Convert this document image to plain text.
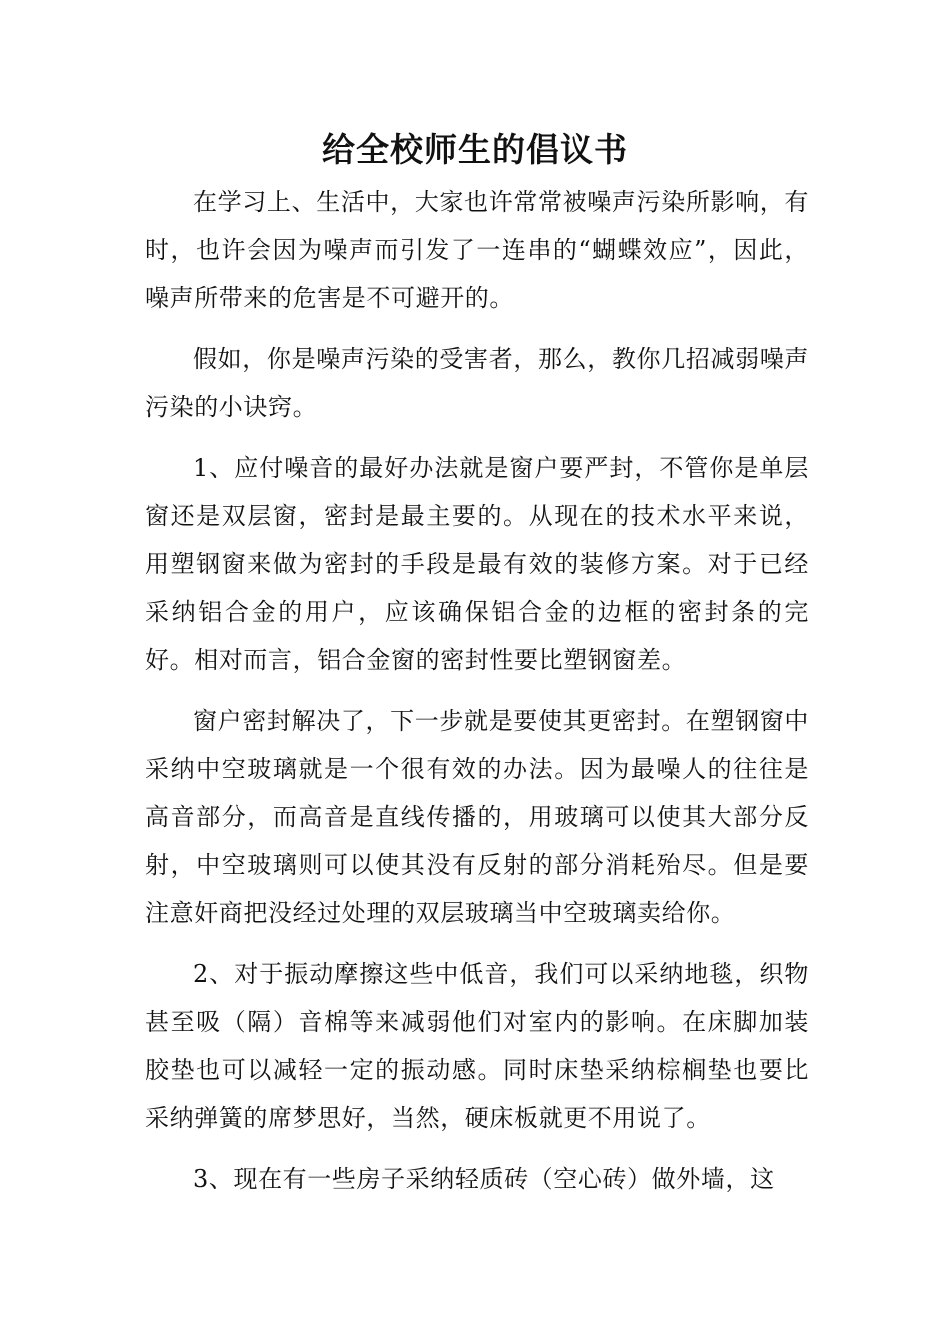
给全校师生的倡议书

在学习上、生活中，大家也许常常被噪声污染所影响，有时，也许会因为噪声而引发了一连串的“蝴蝶效应”，因此，噪声所带来的危害是不可避开的。

假如，你是噪声污染的受害者，那么，教你几招减弱噪声污染的小诀窍。

1、应付噪音的最好办法就是窗户要严封，不管你是单层窗还是双层窗，密封是最主要的。从现在的技术水平来说，用塑钢窗来做为密封的手段是最有效的装修方案。对于已经采纳铝合金的用户，应该确保铝合金的边框的密封条的完好。相对而言，铝合金窗的密封性要比塑钢窗差。

窗户密封解决了，下一步就是要使其更密封。在塑钢窗中采纳中空玻璃就是一个很有效的办法。因为最噪人的往往是高音部分，而高音是直线传播的，用玻璃可以使其大部分反射，中空玻璃则可以使其没有反射的部分消耗殆尽。但是要注意奸商把没经过处理的双层玻璃当中空玻璃卖给你。

2、对于振动摩擦这些中低音，我们可以采纳地毯，织物甚至吸（隔）音棉等来减弱他们对室内的影响。在床脚加装胶垫也可以减轻一定的振动感。同时床垫采纳棕榈垫也要比采纳弹簧的席梦思好，当然，硬床板就更不用说了。

3、现在有一些房子采纳轻质砖（空心砖）做外墙，这
